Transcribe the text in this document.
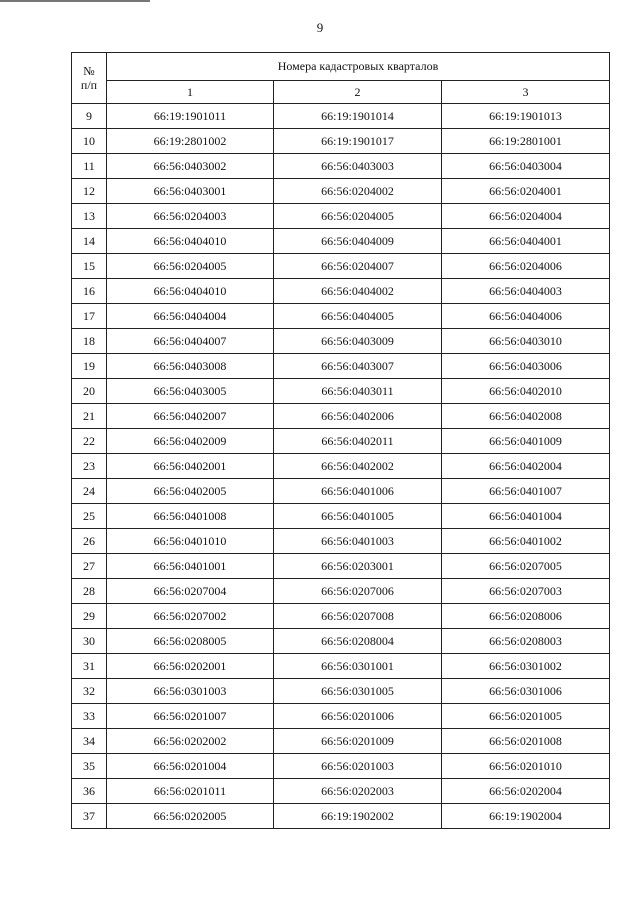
9
№
п/п	Номера кадастровых кварталов		
	1	2	3
9	66:19:1901011	66:19:1901014	66:19:1901013
10	66:19:2801002	66:19:1901017	66:19:2801001
11	66:56:0403002	66:56:0403003	66:56:0403004
12	66:56:0403001	66:56:0204002	66:56:0204001
13	66:56:0204003	66:56:0204005	66:56:0204004
14	66:56:0404010	66:56:0404009	66:56:0404001
15	66:56:0204005	66:56:0204007	66:56:0204006
16	66:56:0404010	66:56:0404002	66:56:0404003
17	66:56:0404004	66:56:0404005	66:56:0404006
18	66:56:0404007	66:56:0403009	66:56:0403010
19	66:56:0403008	66:56:0403007	66:56:0403006
20	66:56:0403005	66:56:0403011	66:56:0402010
21	66:56:0402007	66:56:0402006	66:56:0402008
22	66:56:0402009	66:56:0402011	66:56:0401009
23	66:56:0402001	66:56:0402002	66:56:0402004
24	66:56:0402005	66:56:0401006	66:56:0401007
25	66:56:0401008	66:56:0401005	66:56:0401004
26	66:56:0401010	66:56:0401003	66:56:0401002
27	66:56:0401001	66:56:0203001	66:56:0207005
28	66:56:0207004	66:56:0207006	66:56:0207003
29	66:56:0207002	66:56:0207008	66:56:0208006
30	66:56:0208005	66:56:0208004	66:56:0208003
31	66:56:0202001	66:56:0301001	66:56:0301002
32	66:56:0301003	66:56:0301005	66:56:0301006
33	66:56:0201007	66:56:0201006	66:56:0201005
34	66:56:0202002	66:56:0201009	66:56:0201008
35	66:56:0201004	66:56:0201003	66:56:0201010
36	66:56:0201011	66:56:0202003	66:56:0202004
37	66:56:0202005	66:19:1902002	66:19:1902004
